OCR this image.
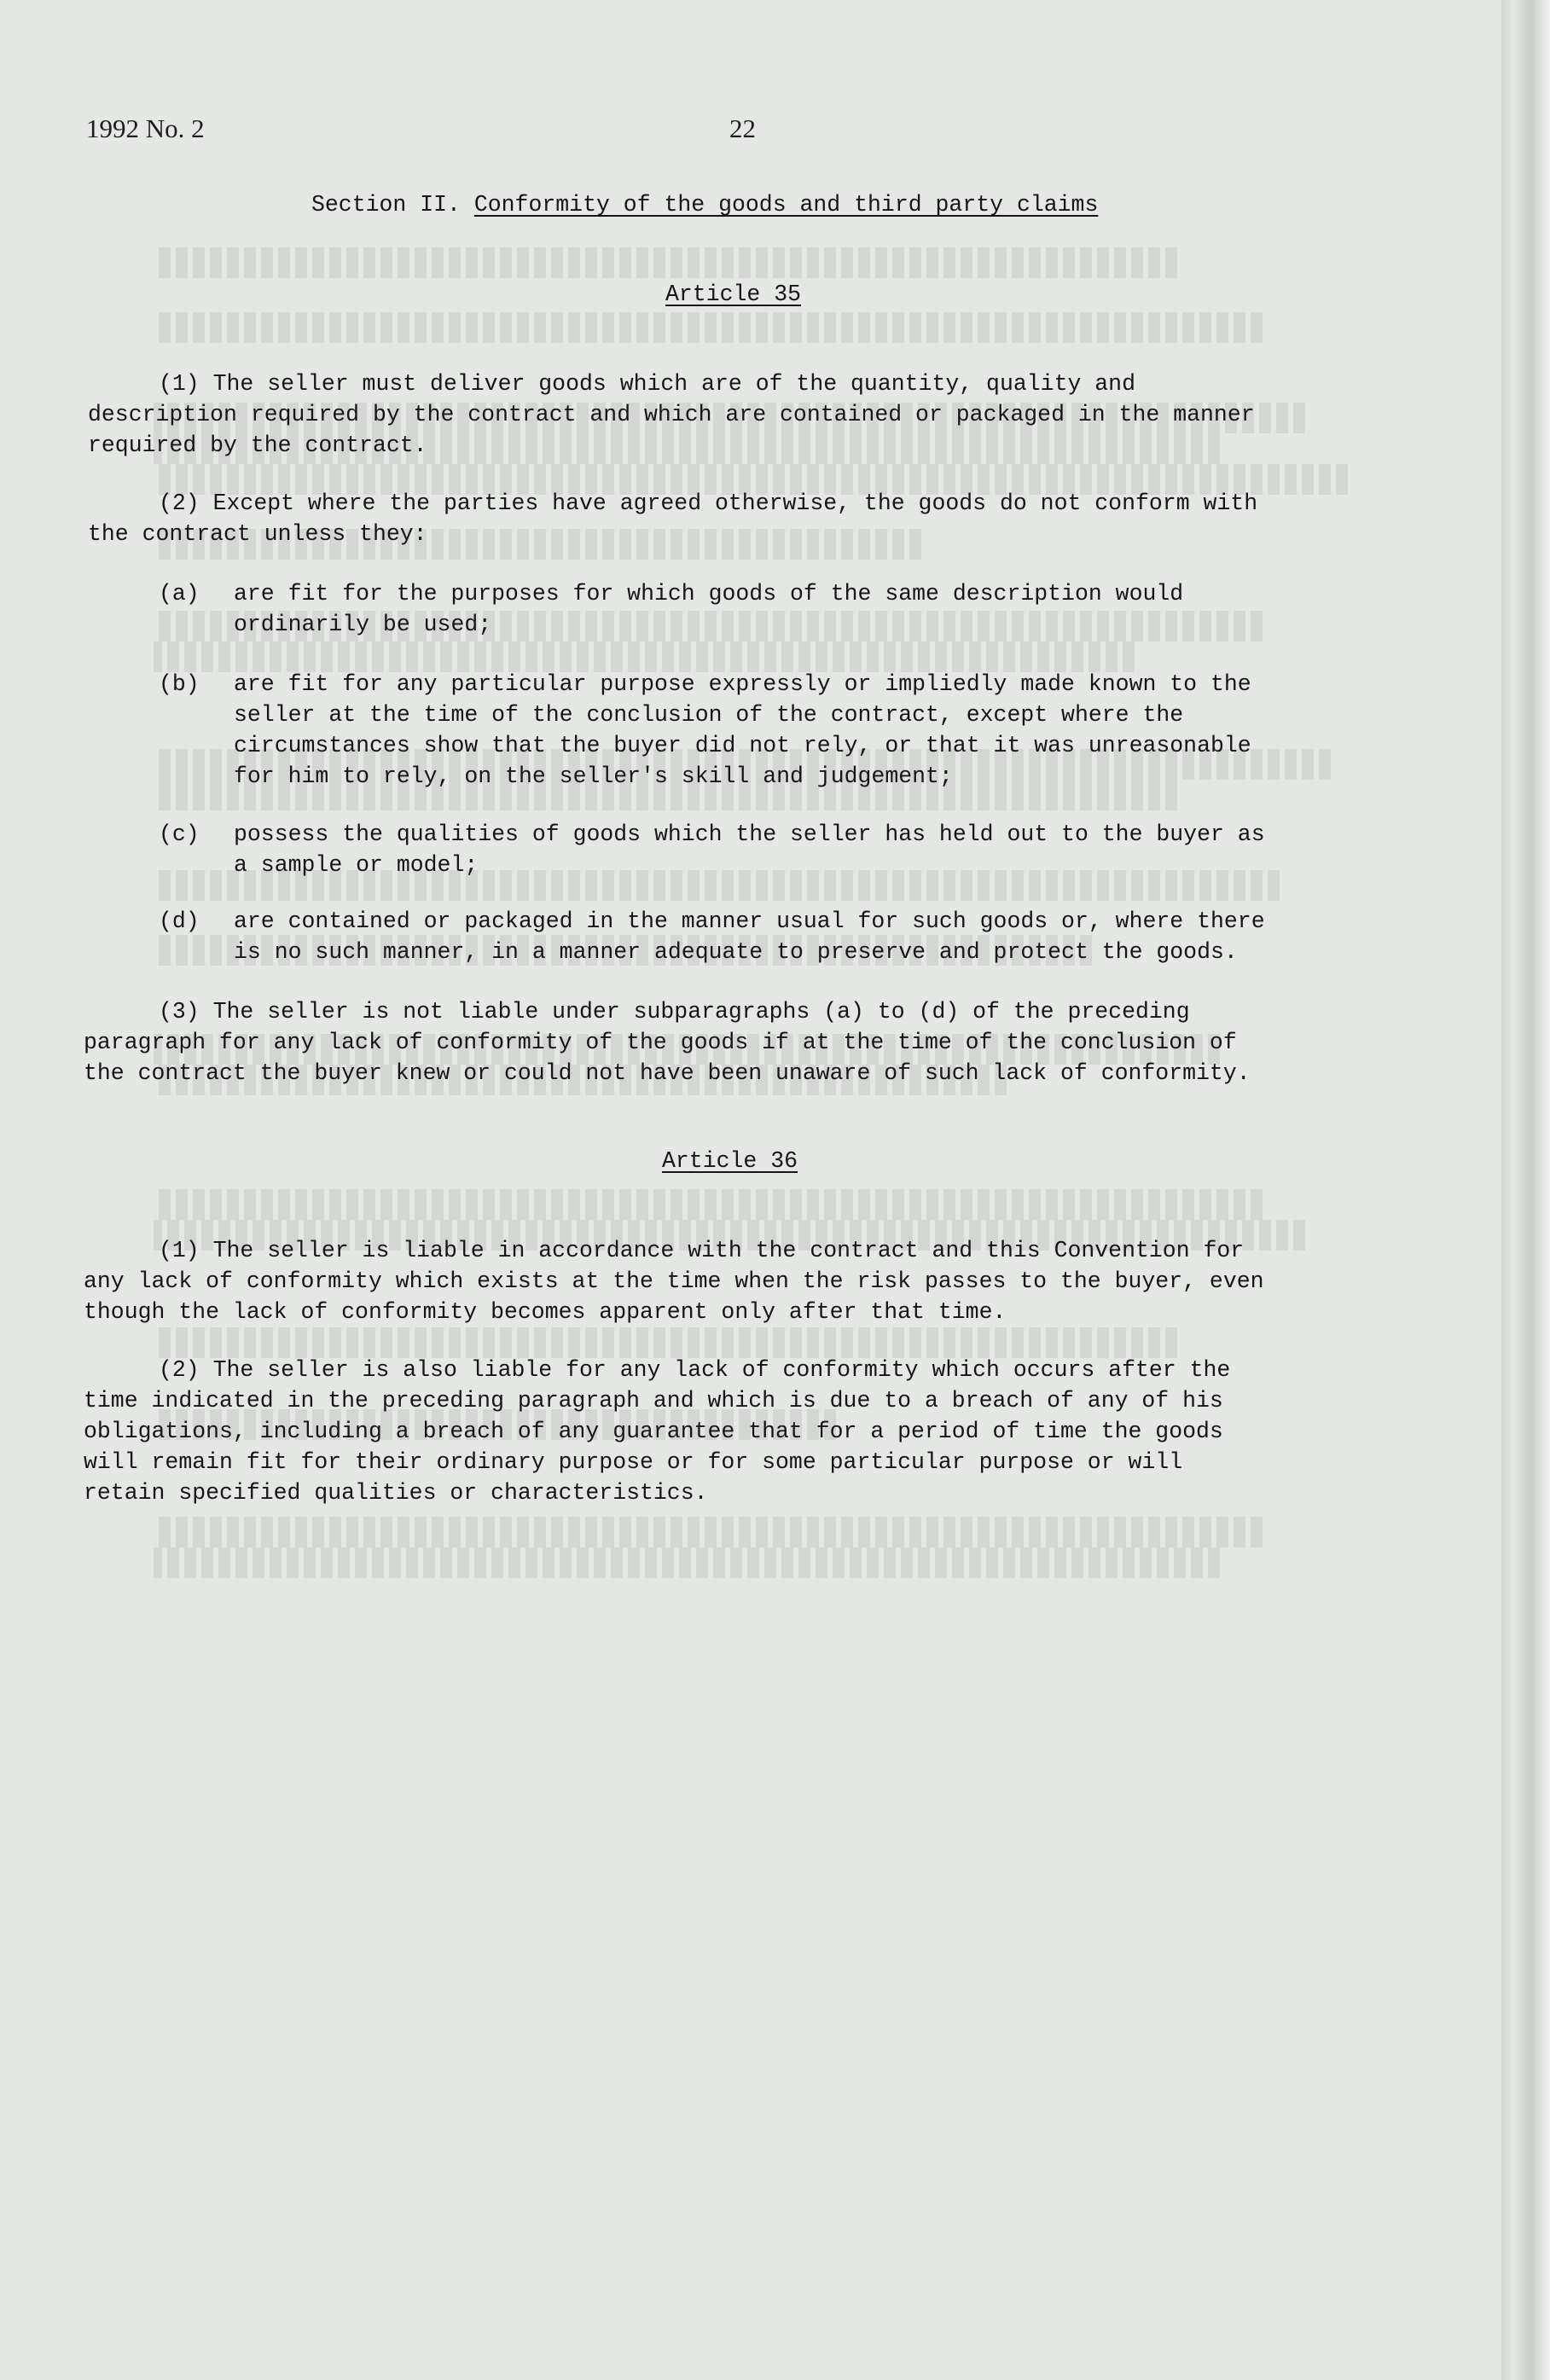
1992 No. 2	22
Section II. Conformity of the goods and third party claims
Article 35
(1) The seller must deliver goods which are of the quantity, quality and
description required by the contract and which are contained or packaged in the manner
required by the contract.
(2) Except where the parties have agreed otherwise, the goods do not conform with
the contract unless they:
(a) are fit for the purposes for which goods of the same description would
ordinarily be used;
(b) are fit for any particular purpose expressly or impliedly made known to the
seller at the time of the conclusion of the contract, except where the
circumstances show that the buyer did not rely, or that it was unreasonable
for him to rely, on the seller's skill and judgement;
(c) possess the qualities of goods which the seller has held out to the buyer as
a sample or model;
(d) are contained or packaged in the manner usual for such goods or, where there
is no such manner, in a manner adequate to preserve and protect the goods.
(3) The seller is not liable under subparagraphs (a) to (d) of the preceding
paragraph for any lack of conformity of the goods if at the time of the conclusion of
the contract the buyer knew or could not have been unaware of such lack of conformity.
Article 36
(1) The seller is liable in accordance with the contract and this Convention for
any lack of conformity which exists at the time when the risk passes to the buyer, even
though the lack of conformity becomes apparent only after that time.
(2) The seller is also liable for any lack of conformity which occurs after the
time indicated in the preceding paragraph and which is due to a breach of any of his
obligations, including a breach of any guarantee that for a period of time the goods
will remain fit for their ordinary purpose or for some particular purpose or will
retain specified qualities or characteristics.
